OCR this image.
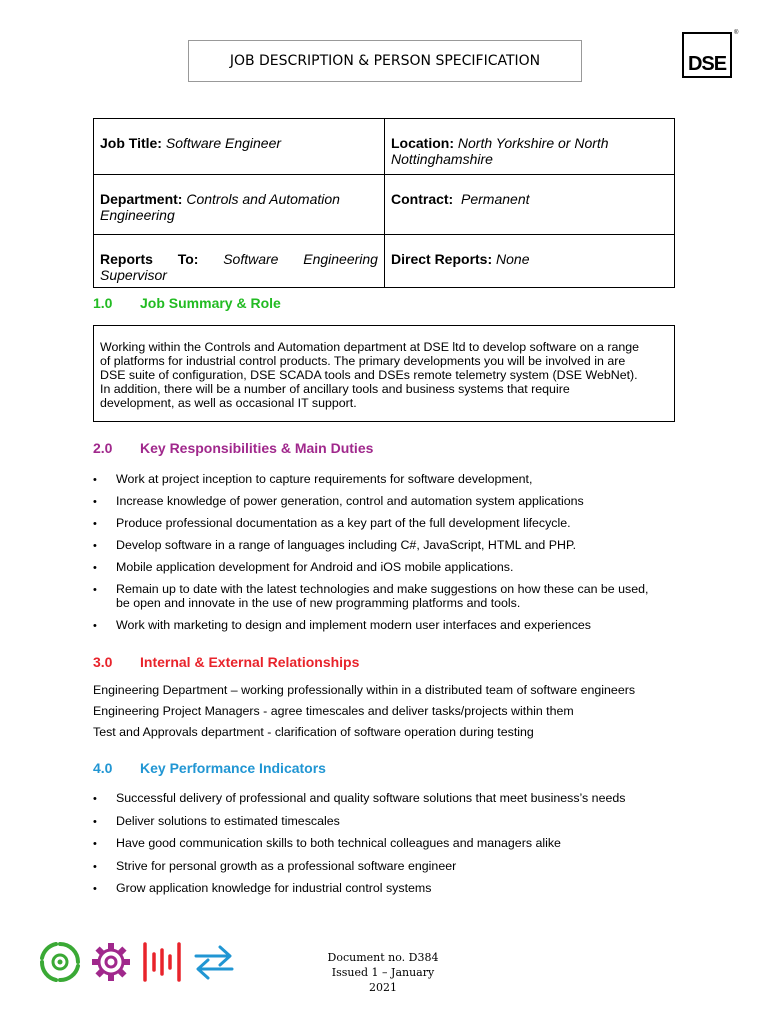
JOB DESCRIPTION & PERSON SPECIFICATION	DSE
®
Job Title: Software Engineer	Location: North Yorkshire or North
Nottinghamshire
Department: Controls and Automation
Engineering	Contract: Permanent

Reports To: Software Engineering
Supervisor	Direct Reports: None
1.0 Job Summary & Role
Working within the Controls and Automation department at DSE ltd to develop software on a range
of platforms for industrial control products. The primary developments you will be involved in are
DSE suite of configuration, DSE SCADA tools and DSEs remote telemetry system (DSE WebNet).
In addition, there will be a number of ancillary tools and business systems that require
development, as well as occasional IT support.
2.0 Key Responsibilities & Main Duties
• Work at project inception to capture requirements for software development,
• Increase knowledge of power generation, control and automation system applications
• Produce professional documentation as a key part of the full development lifecycle.
• Develop software in a range of languages including C#, JavaScript, HTML and PHP.
• Mobile application development for Android and iOS mobile applications.
• Remain up to date with the latest technologies and make suggestions on how these can be used,
be open and innovate in the use of new programming platforms and tools.
• Work with marketing to design and implement modern user interfaces and experiences
3.0 Internal & External Relationships
Engineering Department – working professionally within in a distributed team of software engineers
Engineering Project Managers - agree timescales and deliver tasks/projects within them
Test and Approvals department - clarification of software operation during testing
4.0 Key Performance Indicators
• Successful delivery of professional and quality software solutions that meet business’s needs
• Deliver solutions to estimated timescales
• Have good communication skills to both technical colleagues and managers alike
• Strive for personal growth as a professional software engineer
• Grow application knowledge for industrial control systems
Document no. D384
Issued 1 – January 2021
